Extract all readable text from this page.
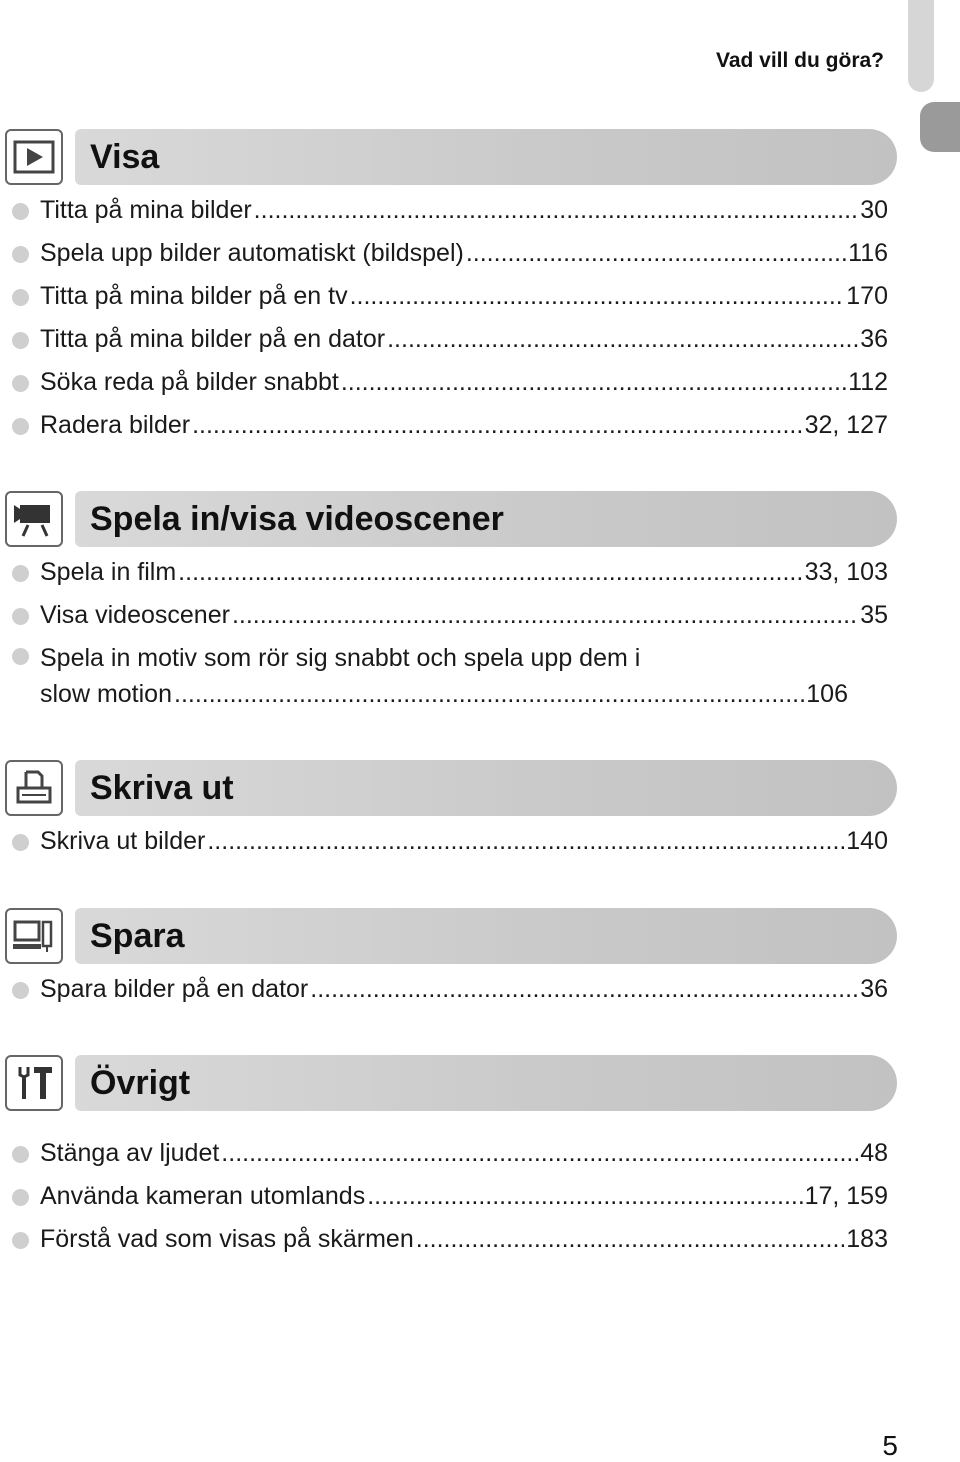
Vad vill du göra?
Visa
Titta på mina bilder .....	30
Spela upp bilder automatiskt (bildspel) .....	116
Titta på mina bilder på en tv .....	170
Titta på mina bilder på en dator .....	36
Söka reda på bilder snabbt .....	112
Radera bilder .....	32, 127
Spela in/visa videoscener
Spela in film .....	33, 103
Visa videoscener .....	35
Spela in motiv som rör sig snabbt och spela upp dem i
slow motion .....	106
Skriva ut
Skriva ut bilder .....	140
Spara
Spara bilder på en dator .....	36
Övrigt
Stänga av ljudet .....	48
Använda kameran utomlands .....	17, 159
Förstå vad som visas på skärmen .....	183
5
